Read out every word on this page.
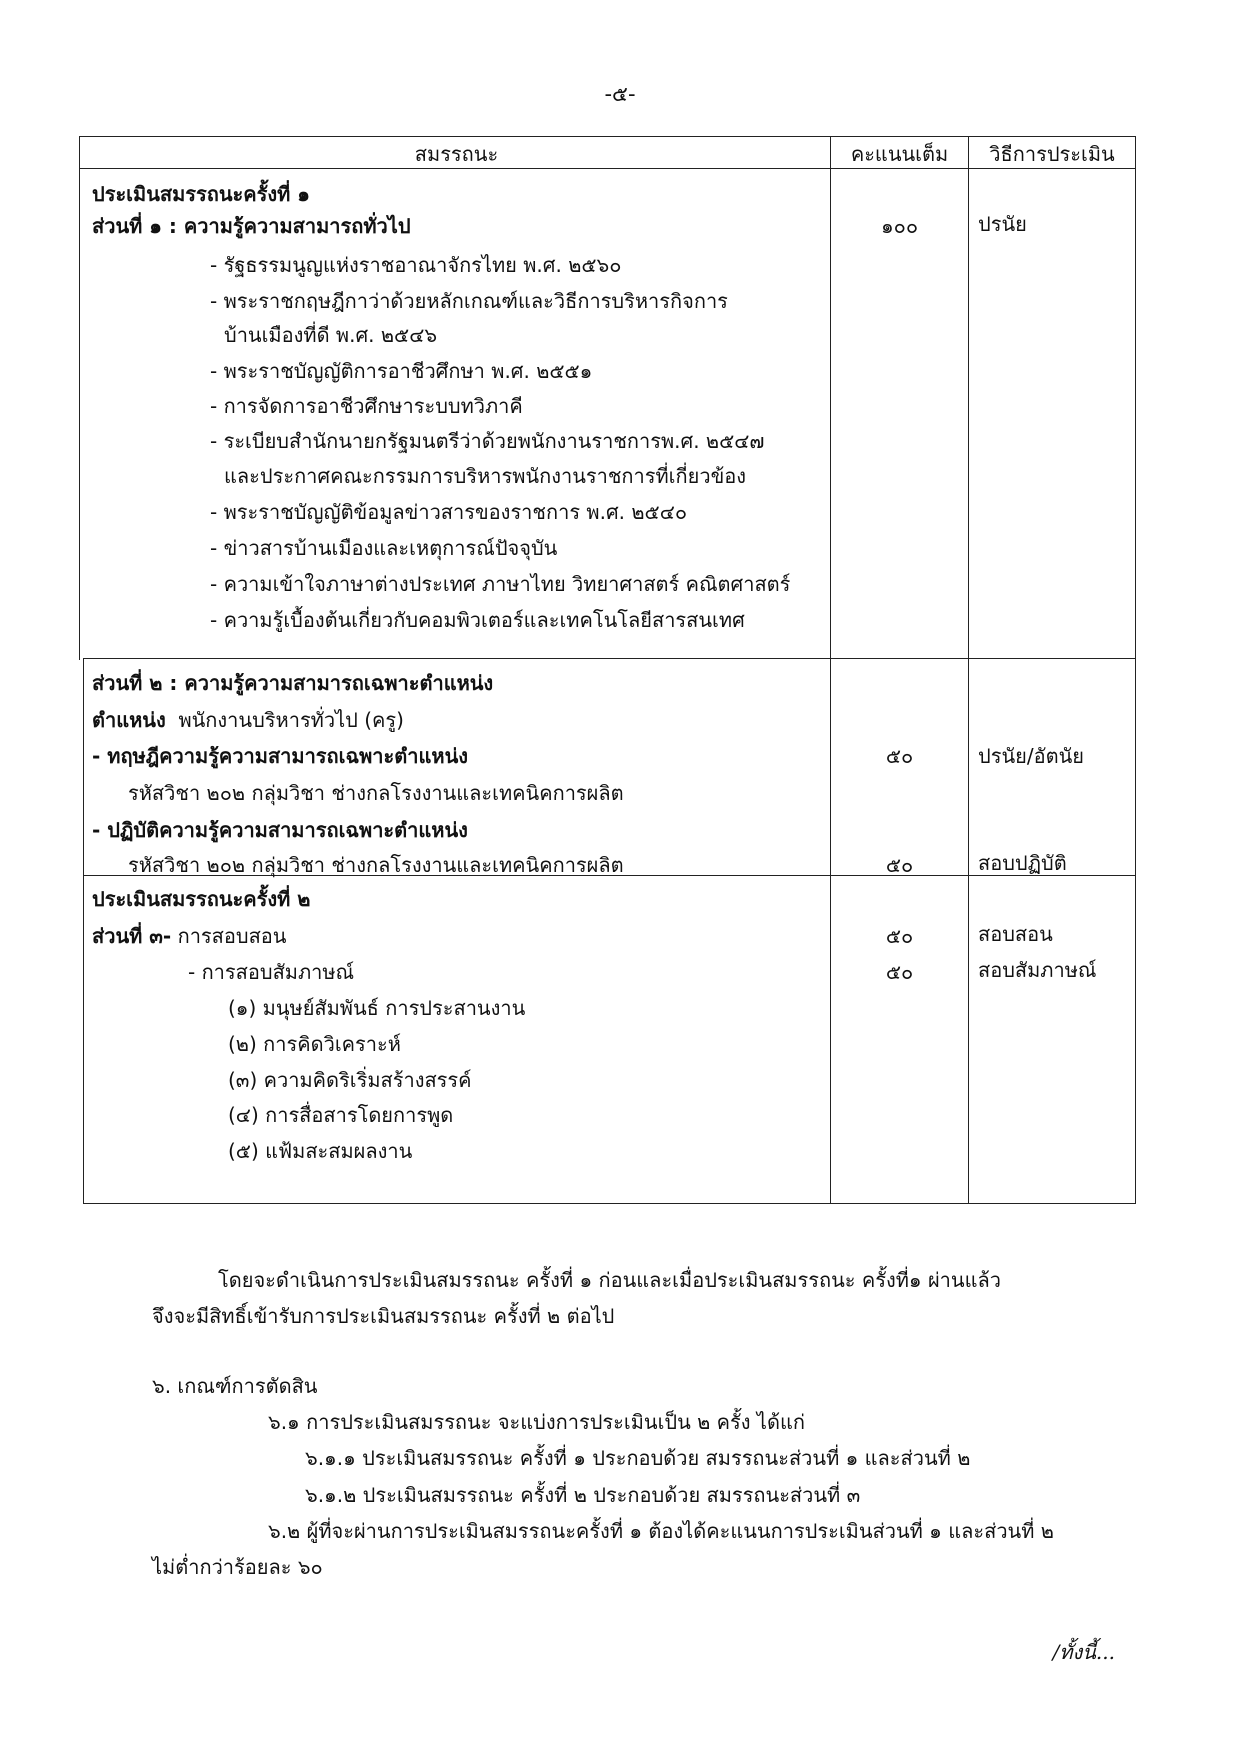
-๕-
สมรรถนะ	คะแนนเต็ม	วิธีการประเมิน
ประเมินสมรรถนะครั้งที่ ๑
ส่วนที่ ๑ : ความรู้ความสามารถทั่วไป	๑๐๐	ปรนัย
- รัฐธรรมนูญแห่งราชอาณาจักรไทย พ.ศ. ๒๕๖๐
- พระราชกฤษฎีกาว่าด้วยหลักเกณฑ์และวิธีการบริหารกิจการ
บ้านเมืองที่ดี พ.ศ. ๒๕๔๖
- พระราชบัญญัติการอาชีวศึกษา พ.ศ. ๒๕๕๑
- การจัดการอาชีวศึกษาระบบทวิภาคี
- ระเบียบสำนักนายกรัฐมนตรีว่าด้วยพนักงานราชการพ.ศ. ๒๕๔๗
และประกาศคณะกรรมการบริหารพนักงานราชการที่เกี่ยวข้อง
- พระราชบัญญัติข้อมูลข่าวสารของราชการ พ.ศ. ๒๕๔๐
- ข่าวสารบ้านเมืองและเหตุการณ์ปัจจุบัน
- ความเข้าใจภาษาต่างประเทศ ภาษาไทย วิทยาศาสตร์ คณิตศาสตร์
- ความรู้เบื้องต้นเกี่ยวกับคอมพิวเตอร์และเทคโนโลยีสารสนเทศ
ส่วนที่ ๒ : ความรู้ความสามารถเฉพาะตำแหน่ง
ตำแหน่ง พนักงานบริหารทั่วไป (ครู)
- ทฤษฎีความรู้ความสามารถเฉพาะตำแหน่ง	๕๐	ปรนัย/อัตนัย
รหัสวิชา ๒๐๒ กลุ่มวิชา ช่างกลโรงงานและเทคนิคการผลิต
- ปฏิบัติความรู้ความสามารถเฉพาะตำแหน่ง
รหัสวิชา ๒๐๒ กลุ่มวิชา ช่างกลโรงงานและเทคนิคการผลิต	๕๐	สอบปฏิบัติ
ประเมินสมรรถนะครั้งที่ ๒
ส่วนที่ ๓- การสอบสอน	๕๐	สอบสอน
- การสอบสัมภาษณ์	๕๐	สอบสัมภาษณ์
(๑) มนุษย์สัมพันธ์ การประสานงาน
(๒) การคิดวิเคราะห์
(๓) ความคิดริเริ่มสร้างสรรค์
(๔) การสื่อสารโดยการพูด
(๕) แฟ้มสะสมผลงาน
โดยจะดำเนินการประเมินสมรรถนะ ครั้งที่ ๑ ก่อนและเมื่อประเมินสมรรถนะ ครั้งที่๑ ผ่านแล้ว
จึงจะมีสิทธิ์เข้ารับการประเมินสมรรถนะ ครั้งที่ ๒ ต่อไป
๖. เกณฑ์การตัดสิน
๖.๑ การประเมินสมรรถนะ จะแบ่งการประเมินเป็น ๒ ครั้ง ได้แก่
๖.๑.๑ ประเมินสมรรถนะ ครั้งที่ ๑ ประกอบด้วย สมรรถนะส่วนที่ ๑ และส่วนที่ ๒
๖.๑.๒ ประเมินสมรรถนะ ครั้งที่ ๒ ประกอบด้วย สมรรถนะส่วนที่ ๓
๖.๒ ผู้ที่จะผ่านการประเมินสมรรถนะครั้งที่ ๑ ต้องได้คะแนนการประเมินส่วนที่ ๑ และส่วนที่ ๒
ไม่ต่ำกว่าร้อยละ ๖๐
/ทั้งนี้...
